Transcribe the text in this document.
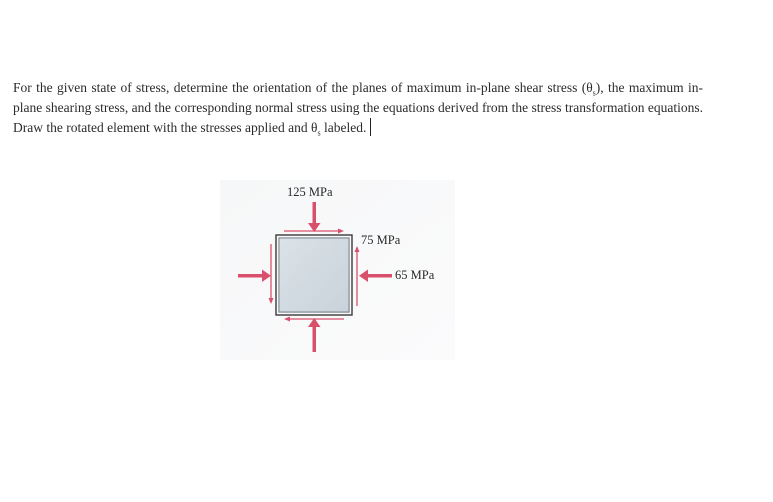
For the given state of stress, determine the orientation of the planes of maximum in-plane shear stress $(\theta_s)$, the maximum in-plane shearing stress, and the corresponding normal stress using the equations derived from the stress transformation equations. Draw the rotated element with the stresses applied and $\theta_s$ labeled.
125 MPa
75 MPa
65 MPa
